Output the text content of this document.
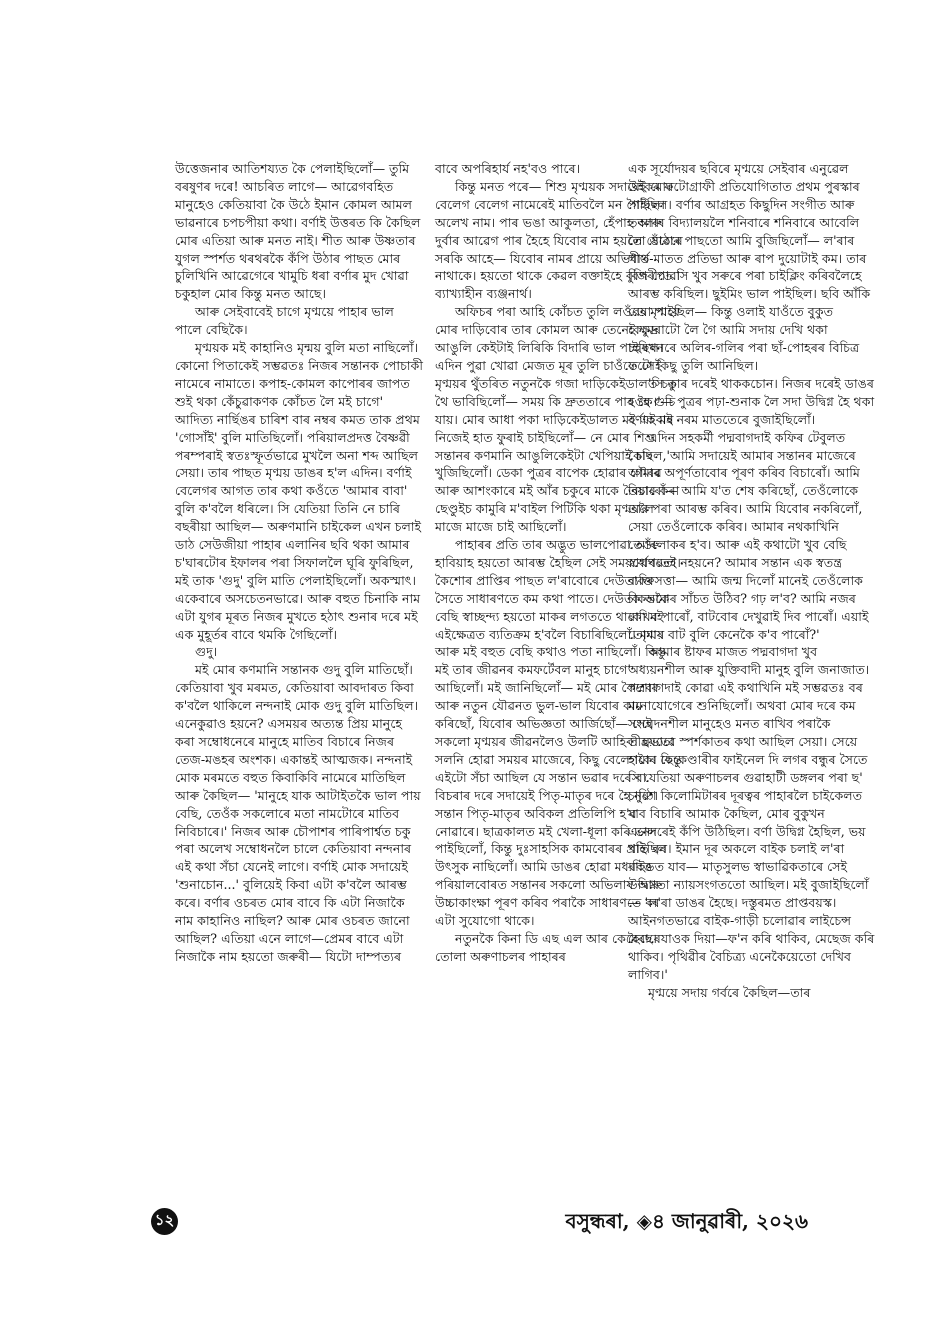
উত্তেজনাৰ আতিশয্যত কৈ পেলাইছিলোঁ— তুমি বৰষুণৰ দৰে! আচৰিত লাগে— আৱেগবহিত মানুহেও কেতিয়াবা কৈ উঠে ইমান কোমল আমল ভাৱনাৰে চপচপীয়া কথা। বৰ্ণাই উত্তৰত কি কৈছিল মোৰ এতিয়া আৰু মনত নাই। শীত আৰু উষ্ণতাৰ যুগল স্পৰ্শত থৰথৰকৈ কঁপি উঠাৰ পাছত মোৰ চুলিখিনি আৱেগেৰে খামুচি ধৰা বৰ্ণাৰ মুদ খোৱা চকুহাল মোৰ কিন্তু মনত আছে।

আৰু সেইবাবেই চাগে মৃণ্ময়ে পাহাৰ ভাল পালে বেছিকৈ।

মৃণ্ময়ক মই কাহানিও মৃন্ময় বুলি মতা নাছিলোঁ। কোনো পিতাকেই সম্ভৱতঃ নিজৰ সন্তানক পোচাকী নামেৰে নামাতে। কপাহ-কোমল কাপোৰৰ জাপত শুই থকা কেঁচুৱাকণক কোঁচত লৈ মই চাগে' আদিত্য নাৰ্ছিঙৰ চাৰিশ বাৰ নম্বৰ কমত তাক প্ৰথম 'গোসাঁই' বুলি মাতিছিলোঁ। পৰিয়ালপ্ৰদত্ত বৈষ্ণৱী পৰম্পৰাই স্বতঃস্ফূৰ্তভাৱে মুখলৈ অনা শব্দ আছিল সেয়া। তাৰ পাছত মৃণ্ময় ডাঙৰ হ'ল এদিন। বৰ্ণাই বেলেগৰ আগত তাৰ কথা কওঁতে 'আমাৰ বাবা' বুলি ক'বলৈ ধৰিলে। সি যেতিয়া তিনি নে চাৰি বছৰীয়া আছিল— অৰুণমানি চাইকেল এখন চলাই ডাঠ সেউজীয়া পাহাৰ এলানিৰ ছবি থকা আমাৰ চ'ঘাৰটোৰ ইফালৰ পৰা সিফাললৈ ঘূৰি ফুৰিছিল, মই তাক 'গুদু' বুলি মাতি পেলাইছিলোঁ। অকস্মাৎ। একেবাৰে অসচেতনভাৱে। আৰু বহুত চিনাকি নাম এটা যুগৰ মূৰত নিজৰ মুখতে হঠাৎ শুনাৰ দৰে মই এক মুহূৰ্তৰ বাবে থমকি গৈছিলোঁ।

গুদু।

মই মোৰ কণমানি সন্তানক গুদু বুলি মাতিছোঁ। কেতিয়াবা খুব মৰমত, কেতিয়াবা আবদাৰত কিবা ক'বলৈ থাকিলে নন্দনাই মোক গুদু বুলি মাতিছিল। এনেকুৱাও হয়নে? এসময়ৰ অত্যন্ত প্ৰিয় মানুহে কৰা সম্বোধনেৰে মানুহে মাতিব বিচাৰে নিজৰ তেজ-মঙহৰ অংশক। একান্তই আত্মজক। নন্দনাই মোক মৰমতে বহুত কিবাকিবি নামেৰে মাতিছিল আৰু কৈছিল— 'মানুহে যাক আটাইতকৈ ভাল পায় বেছি, তেওঁক সকলোৰে মতা নামটোৰে মাতিব নিবিচাৰে।' নিজৰ আৰু চৌপাশৰ পাৰিপাৰ্শ্বত চকু পৰা অলেখ সম্বোধনলৈ চালে কেতিয়াবা নন্দনাৰ এই কথা সঁচা যেনেই লাগে। বৰ্ণাই মোক সদায়েই 'শুনাচোন...' বুলিয়েই কিবা এটা ক'বলৈ আৰম্ভ কৰে। বৰ্ণাৰ ওচৰত মোৰ বাবে কি এটা নিজাকৈ নাম কাহানিও নাছিল? আৰু মোৰ ওচৰত জানো আছিল? এতিয়া এনে লাগে—প্ৰেমৰ বাবে এটা নিজাকৈ নাম হয়তো জৰুৰী— যিটো দাম্পত্যৰ

বাবে অপৰিহাৰ্য নহ'বও পাৰে।

কিন্তু মনত পৰে— শিশু মৃণ্ময়ক সদায়েই মোৰ বেলেগ বেলেগ নামেৰেই মাতিবলৈ মন গৈছিল। অলেখ নাম। পাৰ ভঙা আকুলতা, হেঁপাহ আৰু দুৰ্বাৰ আৱেগ পাৰ হৈহে যিবোৰ নাম হয়তো ওঁঠেৰে সৰকি আহে— যিবোৰ নামৰ প্ৰায়ে অভিধাৰ্থ নাথাকে। হয়তো থাকে কেৱল বক্তাইহে বুজি পোৱা ব্যাখ্যাহীন ব্যঞ্জনাৰ্থ।

অফিচৰ পৰা আহি কোঁচত তুলি লওঁতে মৃণ্ময়ে মোৰ দাড়িবোৰ তাৰ কোমল আৰু তেনেই ক্ষুদ্ৰ আঙুলি কেইটাই লিৰিকি বিদাৰি ভাল পাইছিল। এদিন পুৱা খোৱা মেজত মূৰ তুলি চাওঁতে সেই মৃণ্ময়ৰ থুঁতৰিত নতুনকৈ গজা দাড়িকেইডালত চকু থৈ ভাবিছিলোঁ— সময় কি দ্ৰুততাৰে পাৰ হৈ গুচি যায়। মোৰ আধা পকা দাড়িকেইডালত মই এইবাৰ নিজেই হাত ফুৰাই চাইছিলোঁ— নে মোৰ শিশু সন্তানৰ কণমানি আঙুলিকেইটা খেপিয়াই চাব খুজিছিলোঁ। ডেকা পুত্ৰৰ বাপেক হোৱাৰ গৌৰৱ আৰু আশংকাৰে মই আঁৰ চকুৰে মাকে তৈয়াৰ কৰা ছেণ্ডুইচ কামুৰি ম'বাইল পিটিকি থকা মৃণ্ময়লৈ মাজে মাজে চাই আছিলোঁ।

পাহাৰৰ প্ৰতি তাৰ অদ্ভুত ভালপোৱা আৰু হাবিয়াহ হয়তো আৰম্ভ হৈছিল সেই সময়বোৰতেই। কৈশোৰ প্ৰাপ্তিৰ পাছত ল'ৰাবোৰে দেউতাকৰ সৈতে সাধাৰণতে কম কথা পাতে। দেউতাকতকৈ বেছি স্বাচ্ছন্দ্য হয়তো মাকৰ লগততে থাকে। মই এইক্ষেত্ৰত ব্যতিক্ৰম হ'বলৈ বিচাৰিছিলোঁ। মৃণ্ময় আৰু মই বহুত বেছি কথাও পতা নাছিলোঁ। কিন্তু মই তাৰ জীৱনৰ কমফৰ্টেবল মানুহ চাগে' আছিলোঁ। মই জানিছিলোঁ— মই মোৰ কৈশোৰ আৰু নতুন যৌৱনত ভুল-ভাল যিবোৰ কাম কৰিছোঁ, যিবোৰ অভিজ্ঞতা আৰ্জিছোঁ— সেই সকলো মৃণ্ময়ৰ জীৱনলৈও উলটি আহিব। হয়তো সলনি হোৱা সময়ৰ মাজেৰে, কিছু বেলেগকৈ। কিন্তু এইটো সঁচা আছিল যে সন্তান ভৱাৰ দৰে বা বিচৰাৰ দৰে সদায়েই পিতৃ-মাতৃৰ দৰে হৈ নুঠে। সন্তান পিতৃ-মাতৃৰ অবিকল প্ৰতিলিপি হ'ব নোৱাৰে। ছাত্ৰকালত মই খেলা-ধূলা কৰি ভাল পাইছিলোঁ, কিন্তু দুঃসাহসিক কামবোৰৰ প্ৰতি বৰ উৎসুক নাছিলোঁ। আমি ডাঙৰ হোৱা মধ্যবিত্ত পৰিয়ালবোৰত সন্তানৰ সকলো অভিলাষ আৰু উচ্চাকাংক্ষা পূৰণ কৰিব পৰাকৈ সাধাৰণতে বৰ এটা সুযোগো থাকে।

নতুনকৈ কিনা ডি এছ এল আৰ কেমেৰাৰে তোলা অৰুণাচলৰ পাহাৰৰ

এক সূৰ্যোদয়ৰ ছবিৰে মৃণ্ময়ে সেইবাৰ এনুৱেল উইকৰ ফটোগ্ৰাফী প্ৰতিযোগিতাত প্ৰথম পুৰস্কাৰ পাইছিল। বৰ্ণাৰ আগ্ৰহত কিছুদিন সংগীত আৰু তবলাৰ বিদ্যালয়লৈ শনিবাৰে শনিবাৰে আবেলি লৈ যোৱাৰ পাছতো আমি বুজিছিলোঁ— ল'ৰাৰ গীত-মাতত প্ৰতিভা আৰু ৰাপ দুয়োটাই কম। তাৰ বিপৰীতে সি খুব সৰুৰে পৰা চাইক্লিং কৰিবলৈহে আৰম্ভ কৰিছিল। ছুইমিং ভাল পাইছিল। ছবি আঁকি বেয়া পাইছিল— কিন্তু ওলাই যাওঁতে বুকুত কেমেৰাটো লৈ গৈ আমি সদায় দেখি থকা চহৰখনৰে অলিৰ-গলিৰ পৰা ছাঁ-পোহৰৰ বিচিত্ৰ ফটো কিছু তুলি আনিছিল।

'সি তাৰ দৰেই থাককচোন। নিজৰ দৰেই ডাঙৰ হওক।'— পুত্ৰৰ পঢ়া-শুনাক লৈ সদা উদ্বিগ্ন হৈ থকা বৰ্ণাক মই নৰম মাততেৰে বুজাইছিলোঁ।

এদিন সহকৰ্মী পদ্মবাগদাই কফিৰ টেবুলত কৈছিল,'আমি সদায়েই আমাৰ সন্তানৰ মাজেৰে আমাৰ অপূৰ্ণতাবোৰ পূৰণ কৰিব বিচাৰোঁ। আমি বিচাৰোঁ— আমি য'ত শেষ কৰিছোঁ, তেওঁলোকে তাৰ পৰা আৰম্ভ কৰিব। আমি যিবোৰ নকৰিলোঁ, সেয়া তেওঁলোকে কৰিব। আমাৰ নথকাখিনি তেওঁলোকৰ হ'ব। আৰু এই কথাটো খুব বেছি স্বাৰ্থপৰতা নহয়নে? আমাৰ সন্তান এক স্বতন্ত্ৰ ব্যক্তিসত্তা— আমি জন্ম দিলোঁ মানেই তেওঁলোক কি আমাৰ সাঁচত উঠিব? গঢ় ল'ব? আমি নজৰ ৰাখিব পাৰোঁ, বাটবোৰ দেখুৱাই দিব পাৰোঁ। এয়াই তোমাৰ বাট বুলি কেনেকৈ ক'ব পাৰোঁ?'

আমাৰ ষ্টাফৰ মাজত পদ্মবাগদা খুব অধ্যয়নশীল আৰু যুক্তিবাদী মানুহ বুলি জনাজাত। পদ্মবাগদাই কোৱা এই কথাখিনি মই সম্ভৱতঃ বৰ মনোযোগেৰে শুনিছিলোঁ। অথবা মোৰ দৰে কম সংবেদনশীল মানুহেও মনত ৰাখিব পৰাকৈ তীব্ৰভাৱে স্পৰ্শকাতৰ কথা আছিল সেয়া। সেয়ে হায়াৰ ছেকেণ্ডাৰীৰ ফাইনেল দি লগৰ বন্ধুৰ সৈতে সি যেতিয়া অৰুণাচলৰ গুৱাহাটী ডঙ্গলৰ পৰা ছ' চাৰিশ কিলোমিটাৰৰ দূৰত্বৰ পাহাৰলৈ চাইকেলত যাব বিচাৰি আমাক কৈছিল, মোৰ বুকুখন এনেদৰেই কঁপি উঠিছিল। বৰ্ণা উদ্বিগ্ন হৈছিল, ভয় খাইছিল। ইমান দূৰ অকলে বাইক চলাই ল'ৰা ৰাইডত যাব— মাতৃসুলভ স্বাভাৱিকতাৰে সেই উদ্বিগ্নতা ন্যায়সংগততো আছিল। মই বুজাইছিলোঁ— 'ল'ৰা ডাঙৰ হৈছে। দস্তুৰমত প্ৰাপ্তবয়স্ক। আইনগতভাৱে বাইক-গাড়ী চলোৱাৰ লাইচেন্স হৈছে। যাওক দিয়া—ফ'ন কৰি থাকিব, মেছেজ কৰি থাকিব। পৃথিৱীৰ বৈচিত্ৰ্য এনেকৈয়েতো দেখিব লাগিব।'

মৃণ্ময়ে সদায় গৰ্বৰে কৈছিল—তাৰ

১২	বসুন্ধৰা, ◈৪ জানুৱাৰী, ২০২৬
